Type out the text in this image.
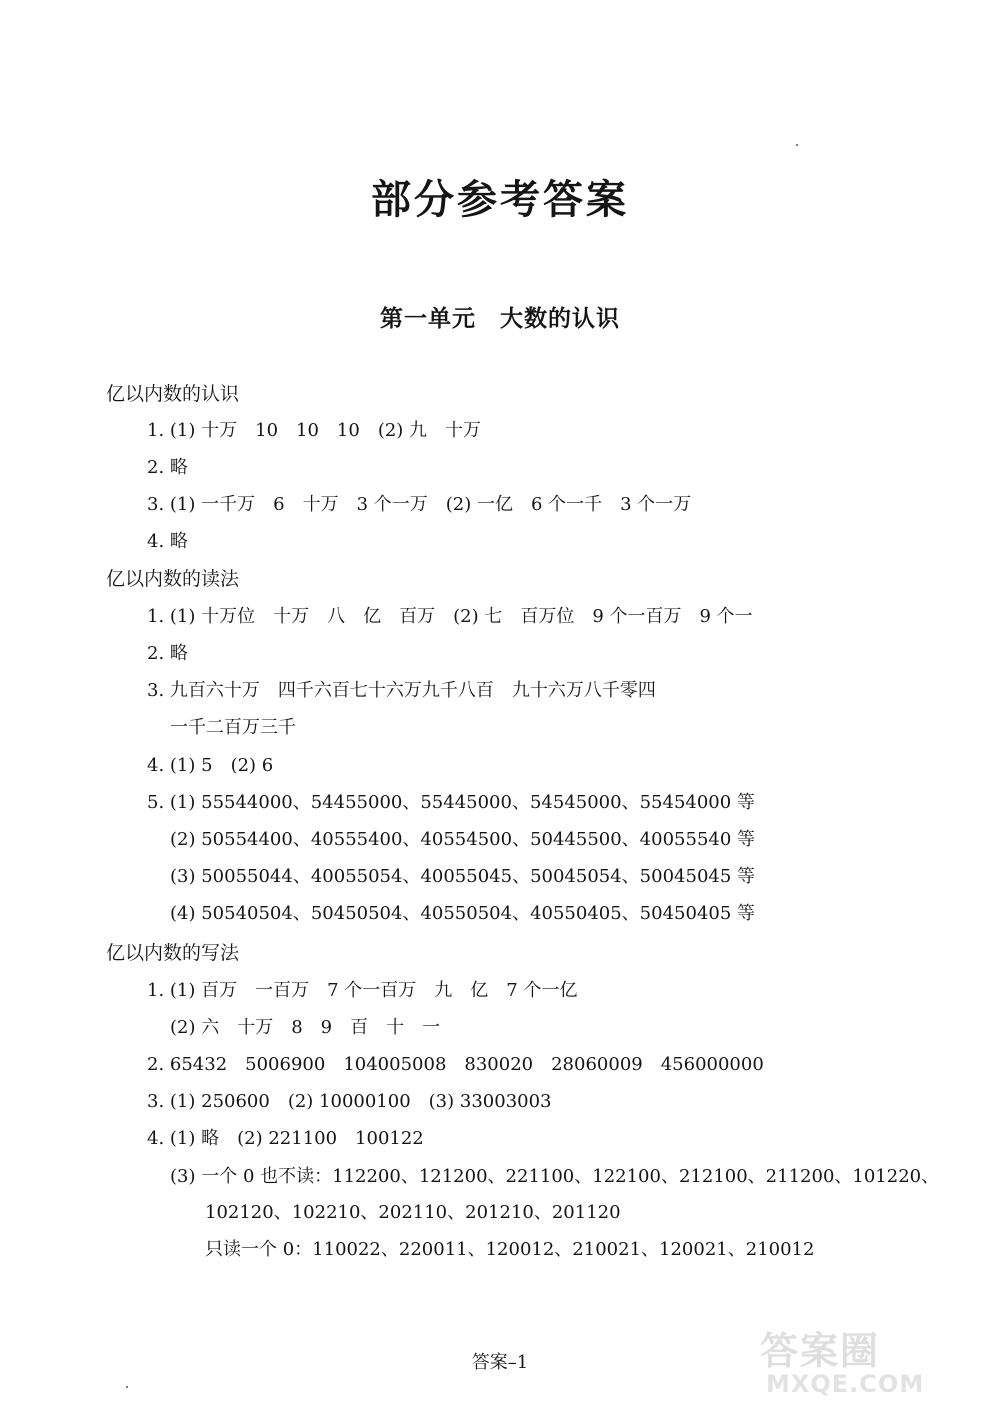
部分参考答案
第一单元　大数的认识
亿以内数的认识
1. (1) 十万　10　10　10　(2) 九　十万
2. 略
3. (1) 一千万　6　十万　3 个一万　(2) 一亿　6 个一千　3 个一万
4. 略
亿以内数的读法
1. (1) 十万位　十万　八　亿　百万　(2) 七　百万位　9 个一百万　9 个一
2. 略
3. 九百六十万　四千六百七十六万九千八百　九十六万八千零四
一千二百万三千
4. (1) 5　(2) 6
5. (1) 55544000、54455000、55445000、54545000、55454000 等
(2) 50554400、40555400、40554500、50445500、40055540 等
(3) 50055044、40055054、40055045、50045054、50045045 等
(4) 50540504、50450504、40550504、40550405、50450405 等
亿以内数的写法
1. (1) 百万　一百万　7 个一百万　九　亿　7 个一亿
(2) 六　十万　8　9　百　十　一
2. 65432　5006900　104005008　830020　28060009　456000000
3. (1) 250600　(2) 10000100　(3) 33003003
4. (1) 略　(2) 221100　100122
(3) 一个 0 也不读：112200、121200、221100、122100、212100、211200、101220、
102120、102210、202110、201210、201120
只读一个 0：110022、220011、120012、210021、120021、210012
答案–1	答案圈
MXQE.COM
